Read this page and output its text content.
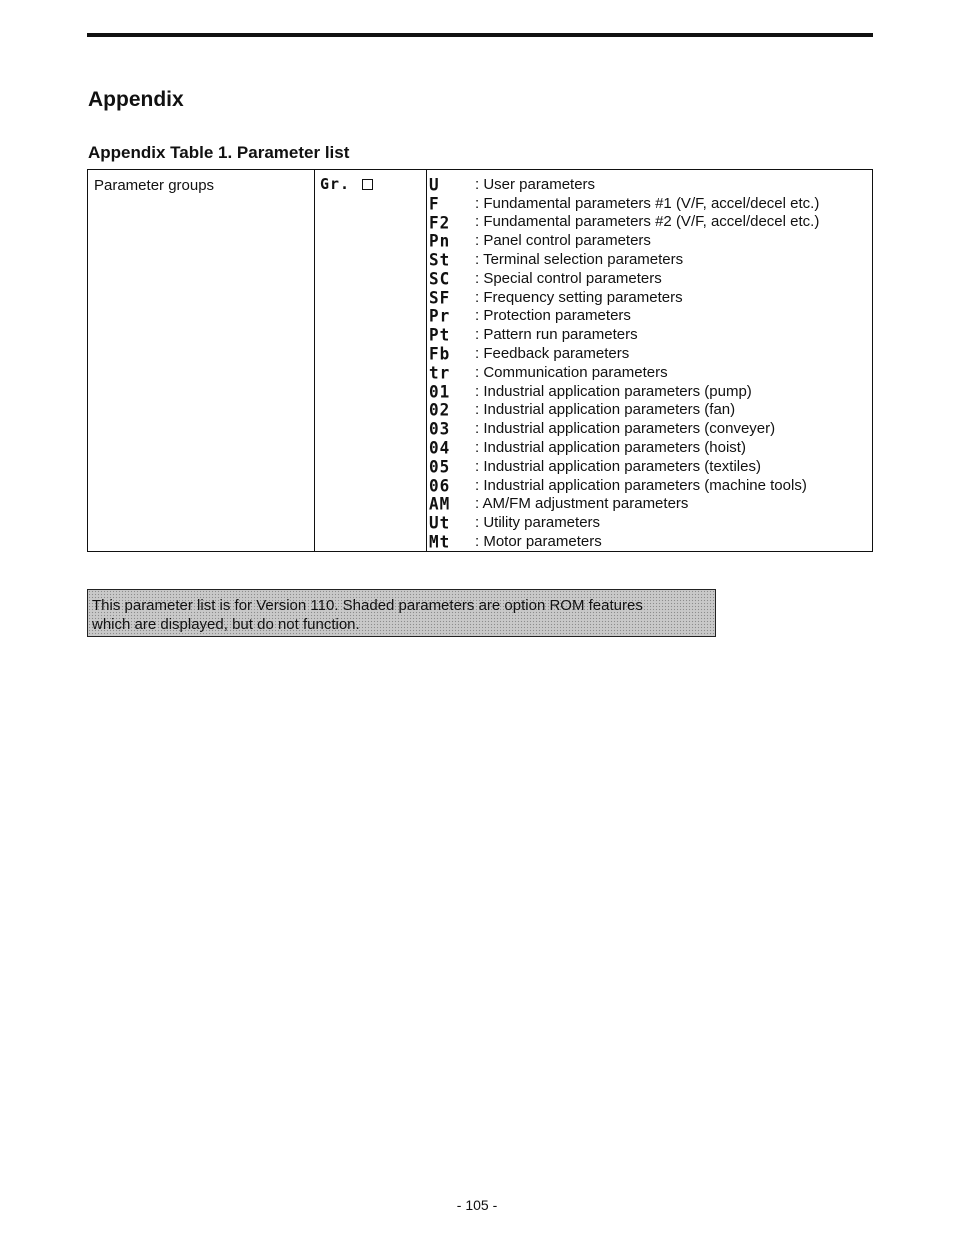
Appendix
Appendix Table 1. Parameter list
Parameter groups	Gr.	U	: User parameters
F	: Fundamental parameters #1 (V/F, accel/decel etc.)
F2	: Fundamental parameters #2 (V/F, accel/decel etc.)
Pn	: Panel control parameters
St	: Terminal selection parameters
SC	: Special control parameters
SF	: Frequency setting parameters
Pr	: Protection parameters
Pt	: Pattern run parameters
Fb	: Feedback parameters
tr	: Communication parameters
01	: Industrial application parameters (pump)
02	: Industrial application parameters (fan)
03	: Industrial application parameters (conveyer)
04	: Industrial application parameters (hoist)
05	: Industrial application parameters (textiles)
06	: Industrial application parameters (machine tools)
AM	: AM/FM adjustment parameters
Ut	: Utility parameters
Mt	: Motor parameters
This parameter list is for Version 110. Shaded parameters are option ROM features
which are displayed, but do not function.
- 105 -
